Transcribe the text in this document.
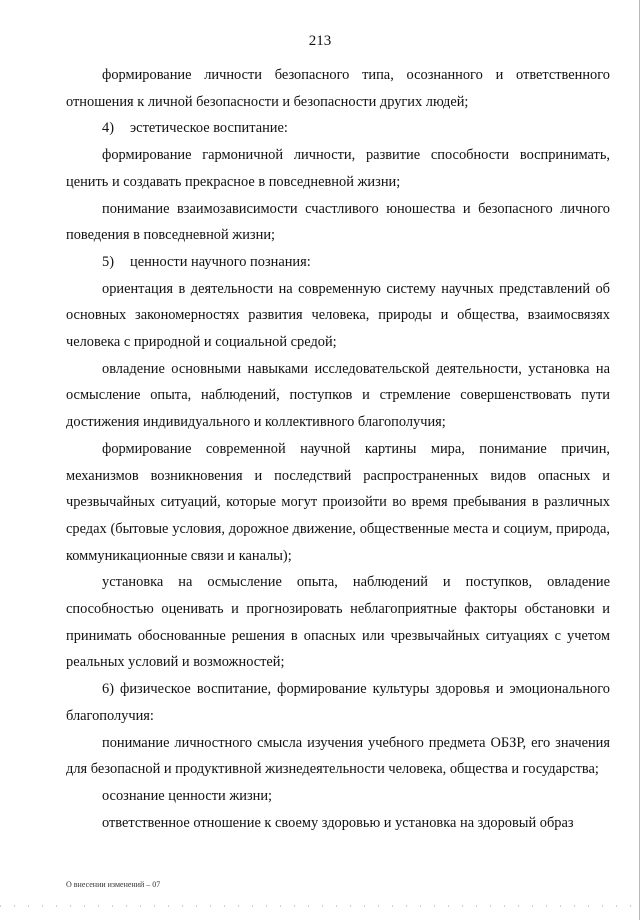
213

формирование личности безопасного типа, осознанного и ответственного отношения к личной безопасности и безопасности других людей;

4) эстетическое воспитание:

формирование гармоничной личности, развитие способности воспринимать, ценить и создавать прекрасное в повседневной жизни;

понимание взаимозависимости счастливого юношества и безопасного личного поведения в повседневной жизни;

5) ценности научного познания:

ориентация в деятельности на современную систему научных представлений об основных закономерностях развития человека, природы и общества, взаимосвязях человека с природной и социальной средой;

овладение основными навыками исследовательской деятельности, установка на осмысление опыта, наблюдений, поступков и стремление совершенствовать пути достижения индивидуального и коллективного благополучия;

формирование современной научной картины мира, понимание причин, механизмов возникновения и последствий распространенных видов опасных и чрезвычайных ситуаций, которые могут произойти во время пребывания в различных средах (бытовые условия, дорожное движение, общественные места и социум, природа, коммуникационные связи и каналы);

установка на осмысление опыта, наблюдений и поступков, овладение способностью оценивать и прогнозировать неблагоприятные факторы обстановки и принимать обоснованные решения в опасных или чрезвычайных ситуациях с учетом реальных условий и возможностей;

6) физическое воспитание, формирование культуры здоровья и эмоционального благополучия:

понимание личностного смысла изучения учебного предмета ОБЗР, его значения для безопасной и продуктивной жизнедеятельности человека, общества и государства;

осознание ценности жизни;

ответственное отношение к своему здоровью и установка на здоровый образ

О внесении изменений – 07
